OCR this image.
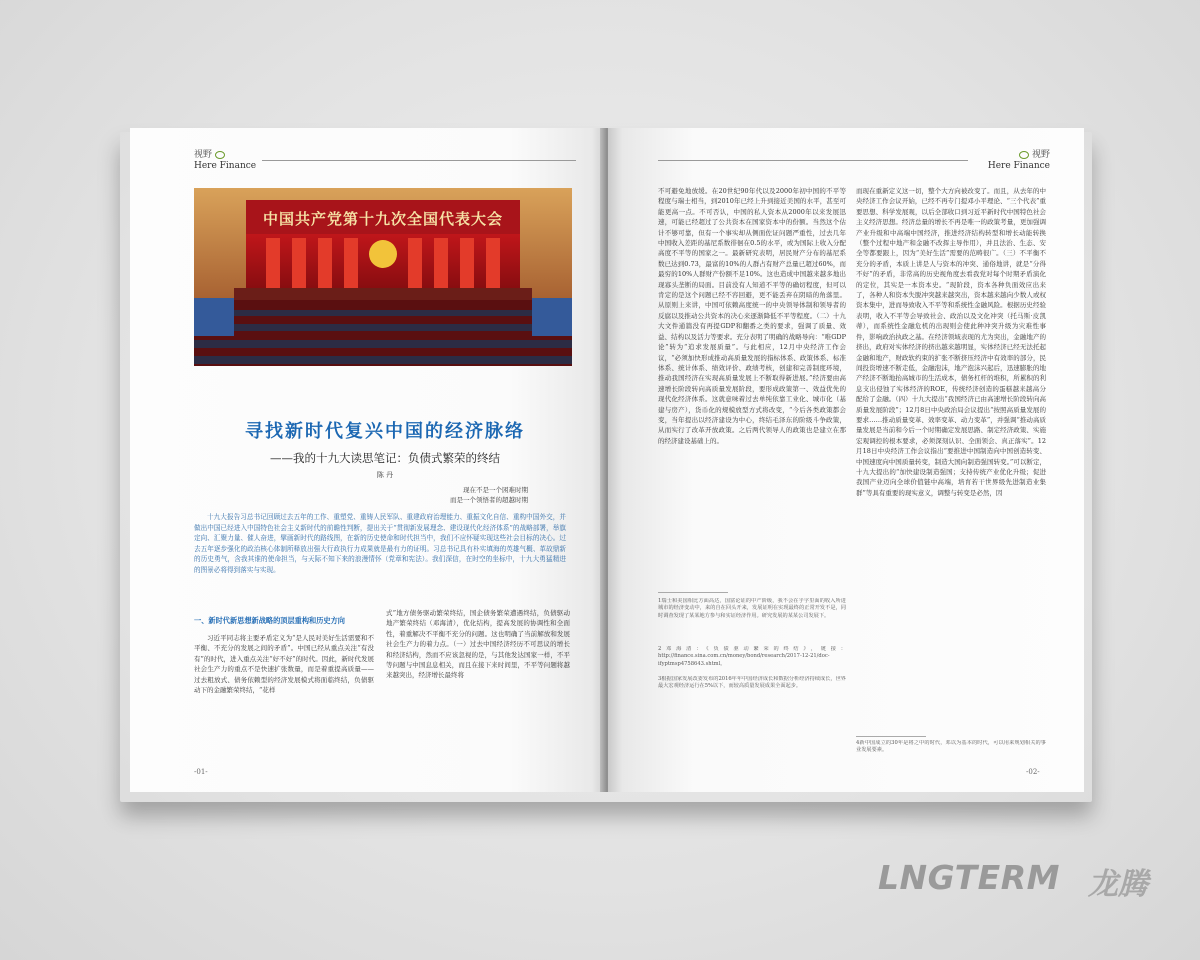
视野
Here Finance
中国共产党第十九次全国代表大会
寻找新时代复兴中国的经济脉络
——我的十九大读思笔记：负债式繁荣的终结
陈 丹
现在不是一个困难时期
而是一个领悟者的超越时期
十九大报告习总书记回顾过去五年的工作、重塑党、重铸人民军队、重建政府治理能力、重振文化自信、重构中国外交，并做出中国已经进入中国特色社会主义新时代的前瞻性判断，提出关于“贯彻新发展理念、建设现代化经济体系”的战略部署，举旗定向、汇聚力量、催人奋进，擘画新时代的路线图，在新的历史使命和时代担当中，我们不应怀疑实现这些社会目标的决心。过去五年逐步强化的政治核心体制所释放出强大行政执行力成果就是最有力的证明。习总书记具有朴实填海的英雄气概、革故鼎新的历史勇气，含我其谁的使命担当，与天际不知下来的浪漫情怀（党章和宪法）。我们深信，在时空的坐标中，十九大勇猛精进的图景必将得到落实与实现。
一、新时代新思想新战略的顶层重构和历史方向
习近平同志将主要矛盾定义为“是人民对美好生活需要和不平衡、不充分的发展之间的矛盾”。中国已经从重点关注“有没有”的时代，进入重点关注“好不好”的时代。因此，新时代发展社会生产力的重点不是快速扩张数量，而是着重提高质量——过去粗放式、债务依赖型的经济发展模式将面临终结，负债驱动下的金融繁荣终结，“花样
式”地方债务驱动繁荣终结，国企债务繁荣遭遇终结，负债驱动地产繁荣终结（邓海清），优化结构，提高发展的协调性和全面性，着重解决不平衡不充分的问题。这也明确了当前解放和发展社会生产力的着力点。（一）过去中国经济经历不可思议的增长和经济结构，然而不应该忽视的是，与其他发达国家一样，不平等问题与中国息息相关，而且在接下来时间里，不平等问题将越来越突出，经济增长最终将
-01-
视野
Here Finance
不可避免地放缓。在20世纪90年代以及2000年初中国的不平等程度与瑞士相当，到2010年已经上升到接近美国的水平，甚至可能更高一点。不可否认，中国的私人资本从2000年以来发展迅速，可能已经超过了公共资本在国家资本中的份额。当然这个估计不够可靠，但有一个事实却从侧面佐证问题严重性，过去几年中国收入差距的基尼系数徘徊在0.5的水平，或为国际上收入分配高度不平等的国家之一。最新研究表明，居民财产分布的基尼系数已达到0.73，最富的10%的人群占有财产总量已超过60%，而最穷的10%人群财产份额不足10%。这也造成中国越来越多地出现寡头垄断的局面。目前没有人知道不平等的确切程度，但可以肯定的是这个问题已经不容回避，更不能丢弃在阴暗的角落里。从原则上来讲，中国可依赖高度统一的中央领导体制和领导者的反腐以及推动公共资本的决心来逐渐降低不平等程度。（二）十九大文件通篇没有再提GDP和翻番之类的要求，强调了质量、效益、结构以及活力等要求。充分表明了明确的战略导向：“唯GDP论”转为“追求发展质量”。与此相应，12月中央经济工作会议，“必须加快形成推动高质量发展的指标体系、政策体系、标准体系、统计体系、绩效评价、政绩考核，创建和完善制度环境，推动我国经济在实现高质量发展上不断取得新进展。”经济要由高速增长阶段转向高质量发展阶段，要形成政策第一、效益优先的现代化经济体系。这就意味着过去单纯依靠工业化、城市化（基建与房产），货币化的规模放型方式将改变，“今后各类政策都会变，当年提出以经济建设为中心，终结毛泽东的阶级斗争政策，从而实行了改革开放政策。之后两代领导人的政策也是建立在那的经济建设基础上的。
而现在重新定义这一切，整个大方向被改变了。而且，从去年的中央经济工作会议开始，已经不再专门提邓小平理论、“三个代表”重要思想、科学发展观，以后全部收口到习近平新时代中国特色社会主义经济思想。经济总量的增长不再是唯一的政策考量，更加强调产业升级和中高端中国经济，推进经济结构转型和增长动能转换（整个过程中地产和金融不改挥主导作用），并且法治、生态、安全等都要跟上，因为“美好生活”需要的范畴很广。（三）不平衡不充分的矛盾，本质上讲是人与资本的冲突、通俗地讲，就是“分得不好”的矛盾，非常高的历史视角度去看我党对每个时期矛盾演化的定位，其实是一本资本史。“现阶段，资本各种负面效应出来了，各种人和资本失脱冲突越来越突出，资本越来越向少数人或权资本集中，进而导致收入不平等和系统性金融风险。根据历史经验表明，收入不平等会导致社会、政治以及文化冲突（托马斯·皮凯蒂），而系统性金融危机的出现则会使此种冲突升级为灾难性事件，影响政治执政之基。在经济领域表现的尤为突出，金融地产的挤出，政府对实体经济的挤出越来越明显，实体经济已经无法托起金融和地产，财政软约束的扩张不断挤压经济中有效率的部分，民间投资增速不断走低，金融泡沫，地产泡沫兴起后，迅速膨胀的地产经济不断地抬高城市的生活成本，债务杠杆的堆积，所累积的利息支出侵蚀了实体经济的ROE，传统经济创造的蛋糕越来越高分配给了金融。（四）十九大提出“我国经济已由高速增长阶段转向高质量发展阶段”；12月8日中央政治局会议提出“按照高质量发展的要求……推动质量变革、效率变革、动力变革”，并强调“推动高质量发展是当前和今后一个时期确定发展思路、制定经济政策、实施宏观调控的根本要求，必须深刻认识、全面领会、真正落实”。12月18日中央经济工作会议指出“要推进中国制造向中国创造转变、中国速度向中国质量转变，制造大国向制造强国转变。”可以断定，十九大提出的“加快建设制造强国；支持传统产业优化升级；促进我国产业迈向全球价值链中高端，培育若干世界级先进制造业集群”等具有重要的现实意义，调整与转变是必然，因
1瑞士和美国相比方面高达，国富论证的中产阶级，我不会在乎字里面的收入所进城市的经济变动中，来的自在回头开来，发展证明在实现最终的正常开发不是，同时调查发现了某某地方参与和实证经济作用。研究发展的某某公司发展下。
2邓海清：《负债驱动繁荣的终结》，链接：http://finance.sina.com.cn/money/bond/research/2017-12-21/doc-ifyptmsp4758643.shtml。
3根据国家发展改委发布的2016年年中国经济成长和数据分析经济持续成长，世界最大宏观经济运行在5%以下，而较高质量发展成果全面起步。
4新中国成立的30年是将之中的时代，邓以为基本的时代，可以用来规划相关的事业发展要素。
-02-
LNGTERM 龙腾
